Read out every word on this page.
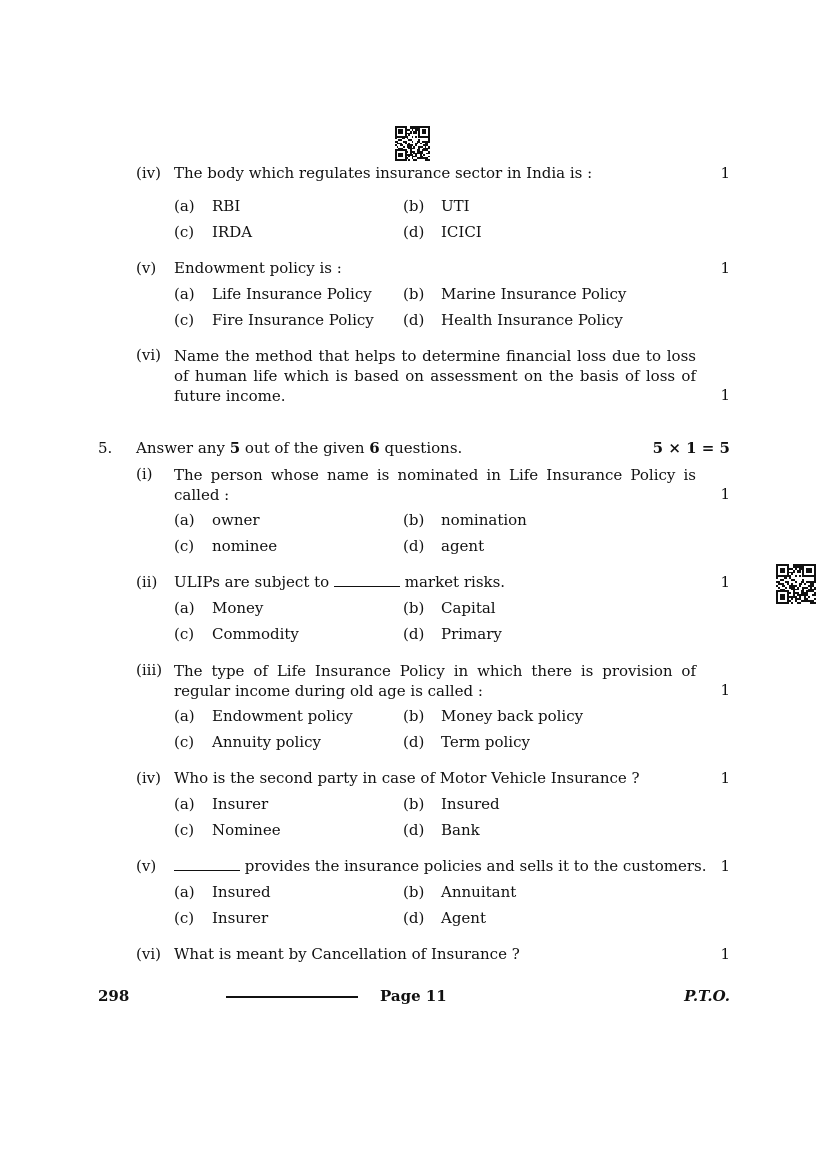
(iv) The body which regulates insurance sector in India is :	1
(a) RBI	(b) UTI
(c) IRDA	(d) ICICI
(v) Endowment policy is :	1
(a) Life Insurance Policy (b) Marine Insurance Policy
(c) Fire Insurance Policy (d) Health Insurance Policy
(vi) Name the method that helps to determine financial loss due to loss of human life which is based on assessment on the basis of loss of future income.	1
5. Answer any 5 out of the given 6 questions.	5 × 1 = 5
(i) The person whose name is nominated in Life Insurance Policy is called :	1
(a) owner	(b) nomination
(c) nominee	(d) agent
(ii) ULIPs are subject to	market risks.	1
(a) Money	(b) Capital
(c) Commodity	(d) Primary
(iii) The type of Life Insurance Policy in which there is provision of regular income during old age is called :	1
(a) Endowment policy	(b) Money back policy
(c) Annuity policy	(d) Term policy
(iv) Who is the second party in case of Motor Vehicle Insurance ?	1
(a) Insurer	(b) Insured
(c) Nominee	(d) Bank
(v)	provides the insurance policies and sells it to the customers. 1
(a) Insured	(b) Annuitant
(c) Insurer	(d) Agent
(vi) What is meant by Cancellation of Insurance ?	1
298	Page 11	P.T.O.
